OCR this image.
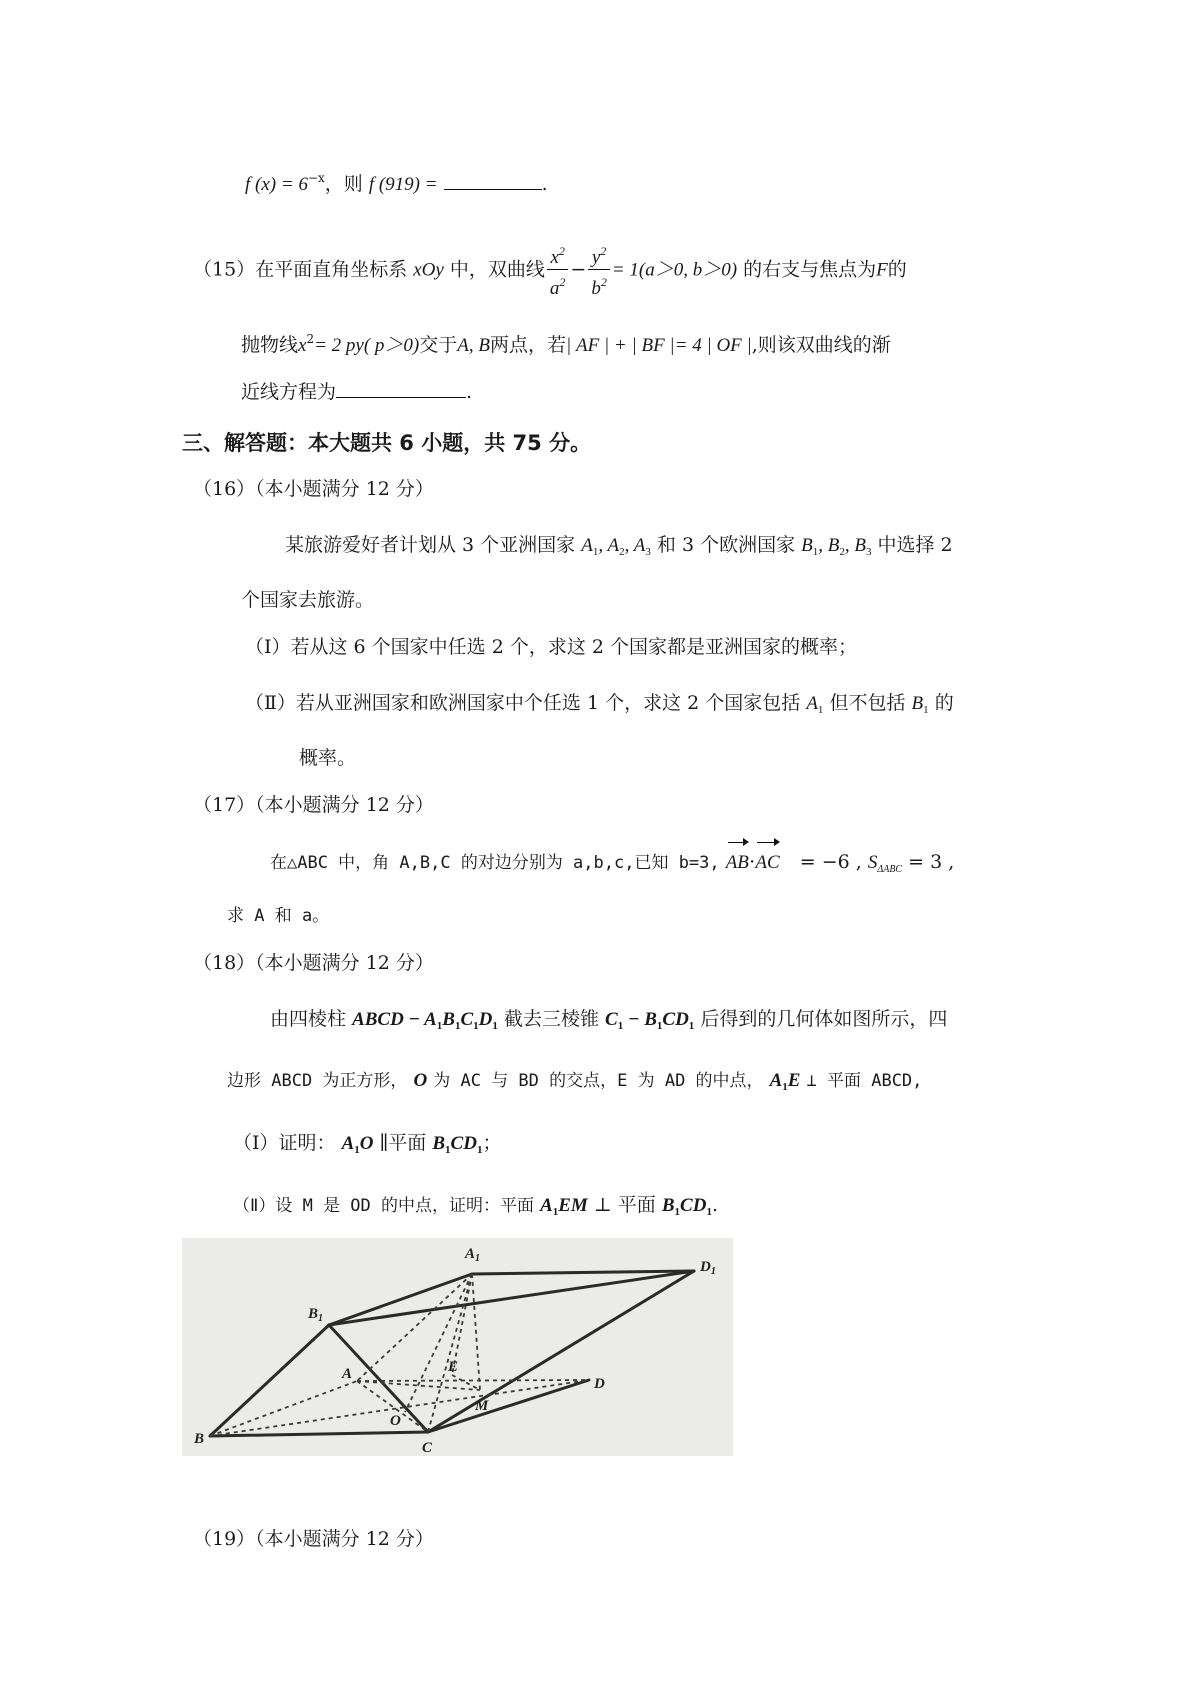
f $(x) = 6^{-x}$，则 f (919) =	.
（15）在平面直角坐标系 xOy 中，双曲线 $\frac{x^2}{a^2} - \frac{y^2}{b^2} = 1(a>0$, b＞0) 的右支与焦点为F的
抛物线$x^2= 2$ py( p＞0)交于A, B两点，若| AF | + | BF |= 4 | OF |,则该双曲线的渐
近线方程为	.
三、解答题：本大题共 6 小题，共 75 分。
（16）（本小题满分 12 分）
某旅游爱好者计划从 3 个亚洲国家 $A_1$, $A_2$, $A_3$ 和 3 个欧洲国家 $B_1$, $B_2$, $B_3$ 中选择 2
个国家去旅游。
（Ⅰ）若从这 6 个国家中任选 2 个，求这 2 个国家都是亚洲国家的概率；
（Ⅱ）若从亚洲国家和欧洲国家中个任选 1 个，求这 2 个国家包括 $A_1$ 但不包括 $B_1$ 的
概率。
（17）（本小题满分 12 分）
在△ABC 中，角 A,B,C 的对边分别为 a,b,c,已知 b=3, AB⋅AC = −6 , $S_{\Delta ABC} = 3$ ,
求 A 和 a。
（18）（本小题满分 12 分）
由四棱柱 ABCD − $A_1B_1C_1D_1$ 截去三棱锥 $C_1 - B_1CD_1$ 后得到的几何体如图所示，四
边形 ABCD 为正方形， O 为 AC 与 BD 的交点，E 为 AD 的中点， $A_1E$ ⊥ 平面 ABCD,
（Ⅰ）证明： $A_1O$ ∥平面 $B_1CD_1$；
（Ⅱ）设 M 是 OD 的中点，证明：平面 $A_1EM$ ⊥ 平面 $B_1CD_1$.
$A_1$
$D_1$
$B_1$
A	E
D
M
O
B
C
（19）（本小题满分 12 分）
